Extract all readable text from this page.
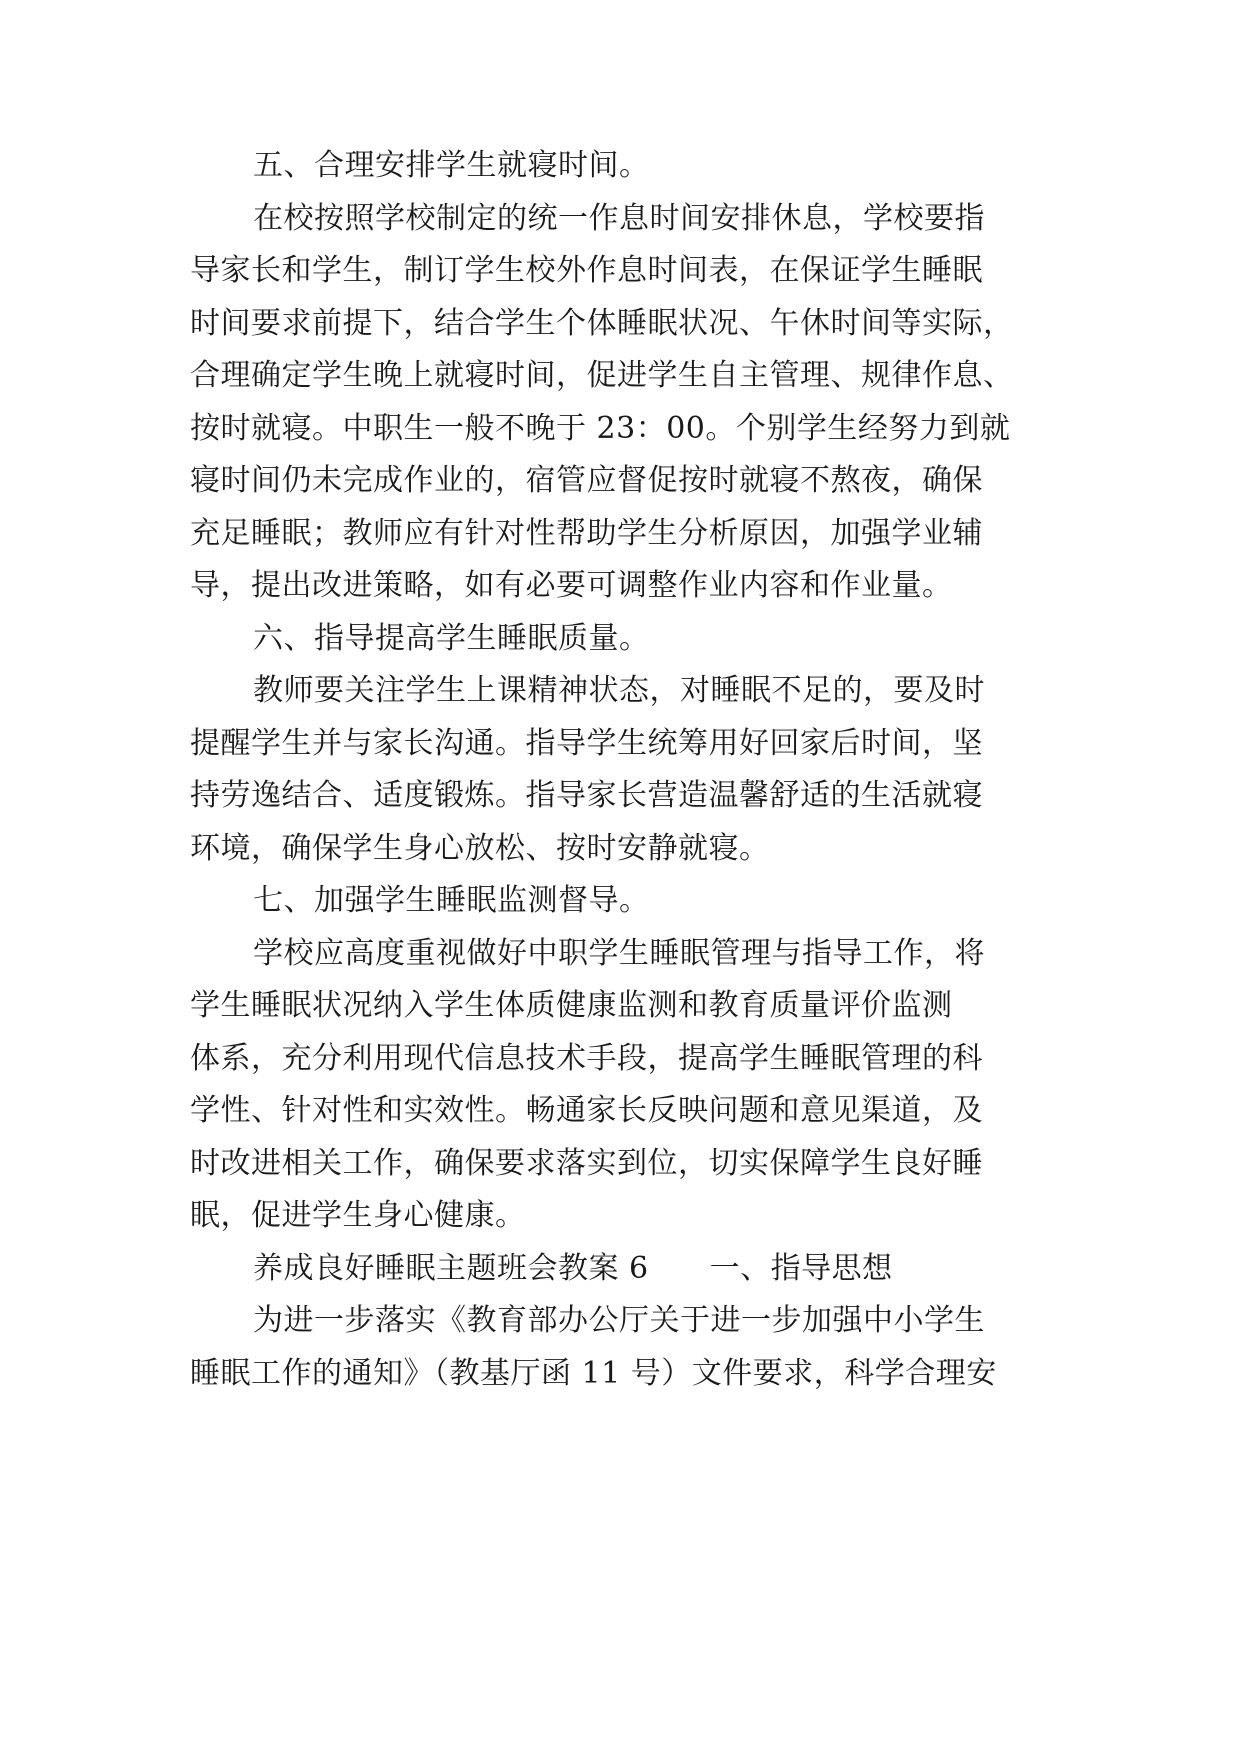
五、合理安排学生就寝时间。
在校按照学校制定的统一作息时间安排休息，学校要指
导家长和学生，制订学生校外作息时间表，在保证学生睡眠
时间要求前提下，结合学生个体睡眠状况、午休时间等实际，
合理确定学生晚上就寝时间，促进学生自主管理、规律作息、
按时就寝。中职生一般不晚于 23：00。个别学生经努力到就
寝时间仍未完成作业的，宿管应督促按时就寝不熬夜，确保
充足睡眠；教师应有针对性帮助学生分析原因，加强学业辅
导，提出改进策略，如有必要可调整作业内容和作业量。
六、指导提高学生睡眠质量。
教师要关注学生上课精神状态，对睡眠不足的，要及时
提醒学生并与家长沟通。指导学生统筹用好回家后时间，坚
持劳逸结合、适度锻炼。指导家长营造温馨舒适的生活就寝
环境，确保学生身心放松、按时安静就寝。
七、加强学生睡眠监测督导。
学校应高度重视做好中职学生睡眠管理与指导工作，将
学生睡眠状况纳入学生体质健康监测和教育质量评价监测
体系，充分利用现代信息技术手段，提高学生睡眠管理的科
学性、针对性和实效性。畅通家长反映问题和意见渠道，及
时改进相关工作，确保要求落实到位，切实保障学生良好睡
眠，促进学生身心健康。
养成良好睡眠主题班会教案 6　　一、指导思想
为进一步落实《教育部办公厅关于进一步加强中小学生
睡眠工作的通知》（教基厅函 11 号）文件要求，科学合理安
